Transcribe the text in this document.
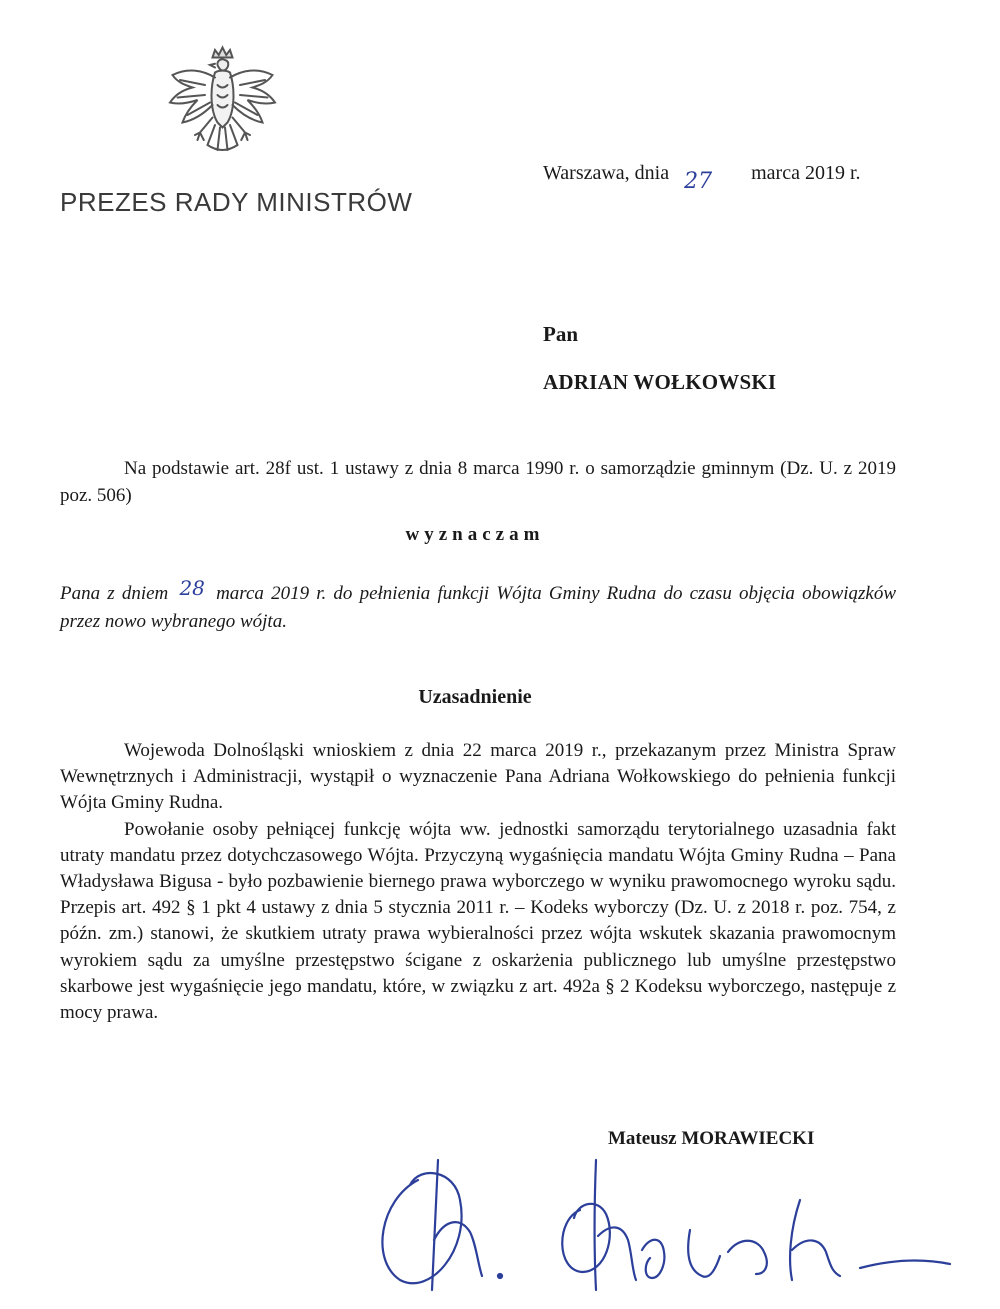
PREZES RADY MINISTRÓW
Warszawa, dnia 27 marca 2019 r.
Pan
ADRIAN WOŁKOWSKI
Na podstawie art. 28f ust. 1 ustawy z dnia 8 marca 1990 r. o samorządzie gminnym (Dz. U. z 2019 poz. 506)
wyznaczam
Pana z dniem 28 marca 2019 r. do pełnienia funkcji Wójta Gminy Rudna do czasu objęcia obowiązków przez nowo wybranego wójta.
Uzasadnienie

Wojewoda Dolnośląski wnioskiem z dnia 22 marca 2019 r., przekazanym przez Ministra Spraw Wewnętrznych i Administracji, wystąpił o wyznaczenie Pana Adriana Wołkowskiego do pełnienia funkcji Wójta Gminy Rudna.

Powołanie osoby pełniącej funkcję wójta ww. jednostki samorządu terytorialnego uzasadnia fakt utraty mandatu przez dotychczasowego Wójta. Przyczyną wygaśnięcia mandatu Wójta Gminy Rudna – Pana Władysława Bigusa - było pozbawienie biernego prawa wyborczego w wyniku prawomocnego wyroku sądu. Przepis art. 492 § 1 pkt 4 ustawy z dnia 5 stycznia 2011 r. – Kodeks wyborczy (Dz. U. z 2018 r. poz. 754, z późn. zm.) stanowi, że skutkiem utraty prawa wybieralności przez wójta wskutek skazania prawomocnym wyrokiem sądu za umyślne przestępstwo ścigane z oskarżenia publicznego lub umyślne przestępstwo skarbowe jest wygaśnięcie jego mandatu, które, w związku z art. 492a § 2 Kodeksu wyborczego, następuje z mocy prawa.

Mateusz MORAWIECKI
